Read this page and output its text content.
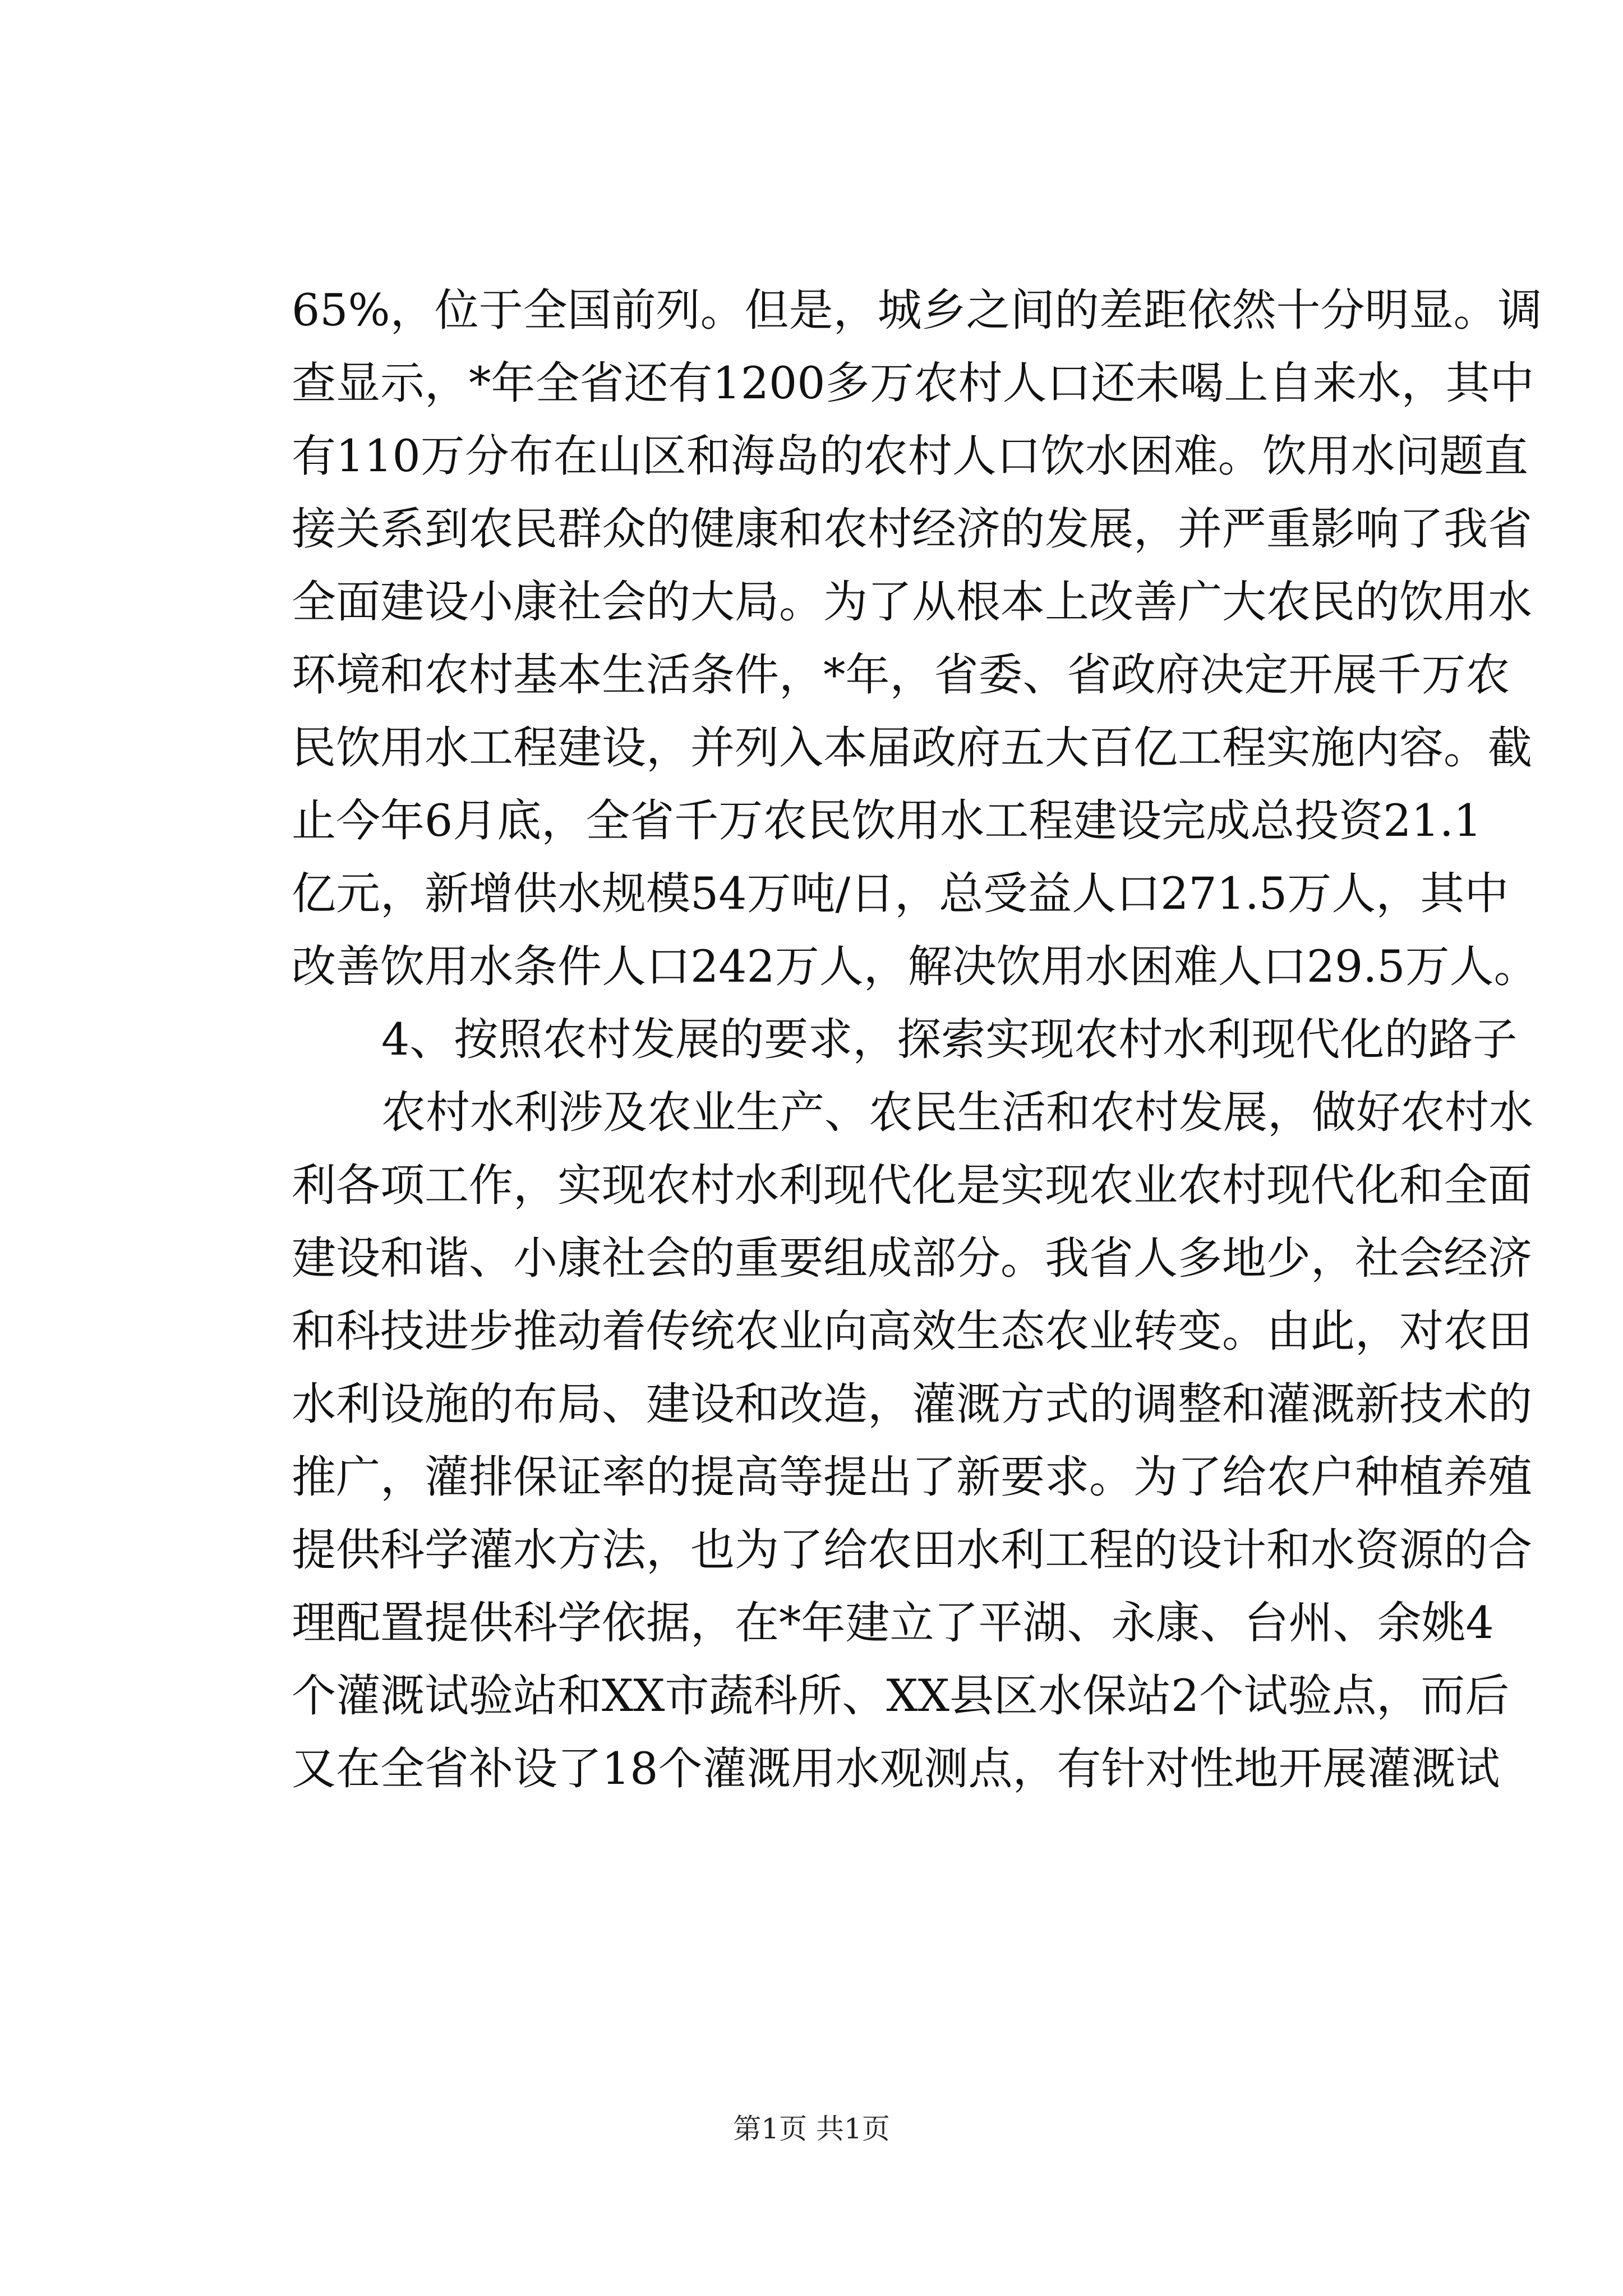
65%，位于全国前列。但是，城乡之间的差距依然十分明显。调
查显示，*年全省还有1200多万农村人口还未喝上自来水，其中
有110万分布在山区和海岛的农村人口饮水困难。饮用水问题直
接关系到农民群众的健康和农村经济的发展，并严重影响了我省
全面建设小康社会的大局。为了从根本上改善广大农民的饮用水
环境和农村基本生活条件，*年，省委、省政府决定开展千万农
民饮用水工程建设，并列入本届政府五大百亿工程实施内容。截
止今年6月底，全省千万农民饮用水工程建设完成总投资21.1
亿元，新增供水规模54万吨/日，总受益人口271.5万人，其中
改善饮用水条件人口242万人，解决饮用水困难人口29.5万人。
4、按照农村发展的要求，探索实现农村水利现代化的路子
农村水利涉及农业生产、农民生活和农村发展，做好农村水
利各项工作，实现农村水利现代化是实现农业农村现代化和全面
建设和谐、小康社会的重要组成部分。我省人多地少，社会经济
和科技进步推动着传统农业向高效生态农业转变。由此，对农田
水利设施的布局、建设和改造，灌溉方式的调整和灌溉新技术的
推广，灌排保证率的提高等提出了新要求。为了给农户种植养殖
提供科学灌水方法，也为了给农田水利工程的设计和水资源的合
理配置提供科学依据，在*年建立了平湖、永康、台州、余姚4
个灌溉试验站和XX市蔬科所、XX县区水保站2个试验点，而后
又在全省补设了18个灌溉用水观测点，有针对性地开展灌溉试
第1页 共1页
